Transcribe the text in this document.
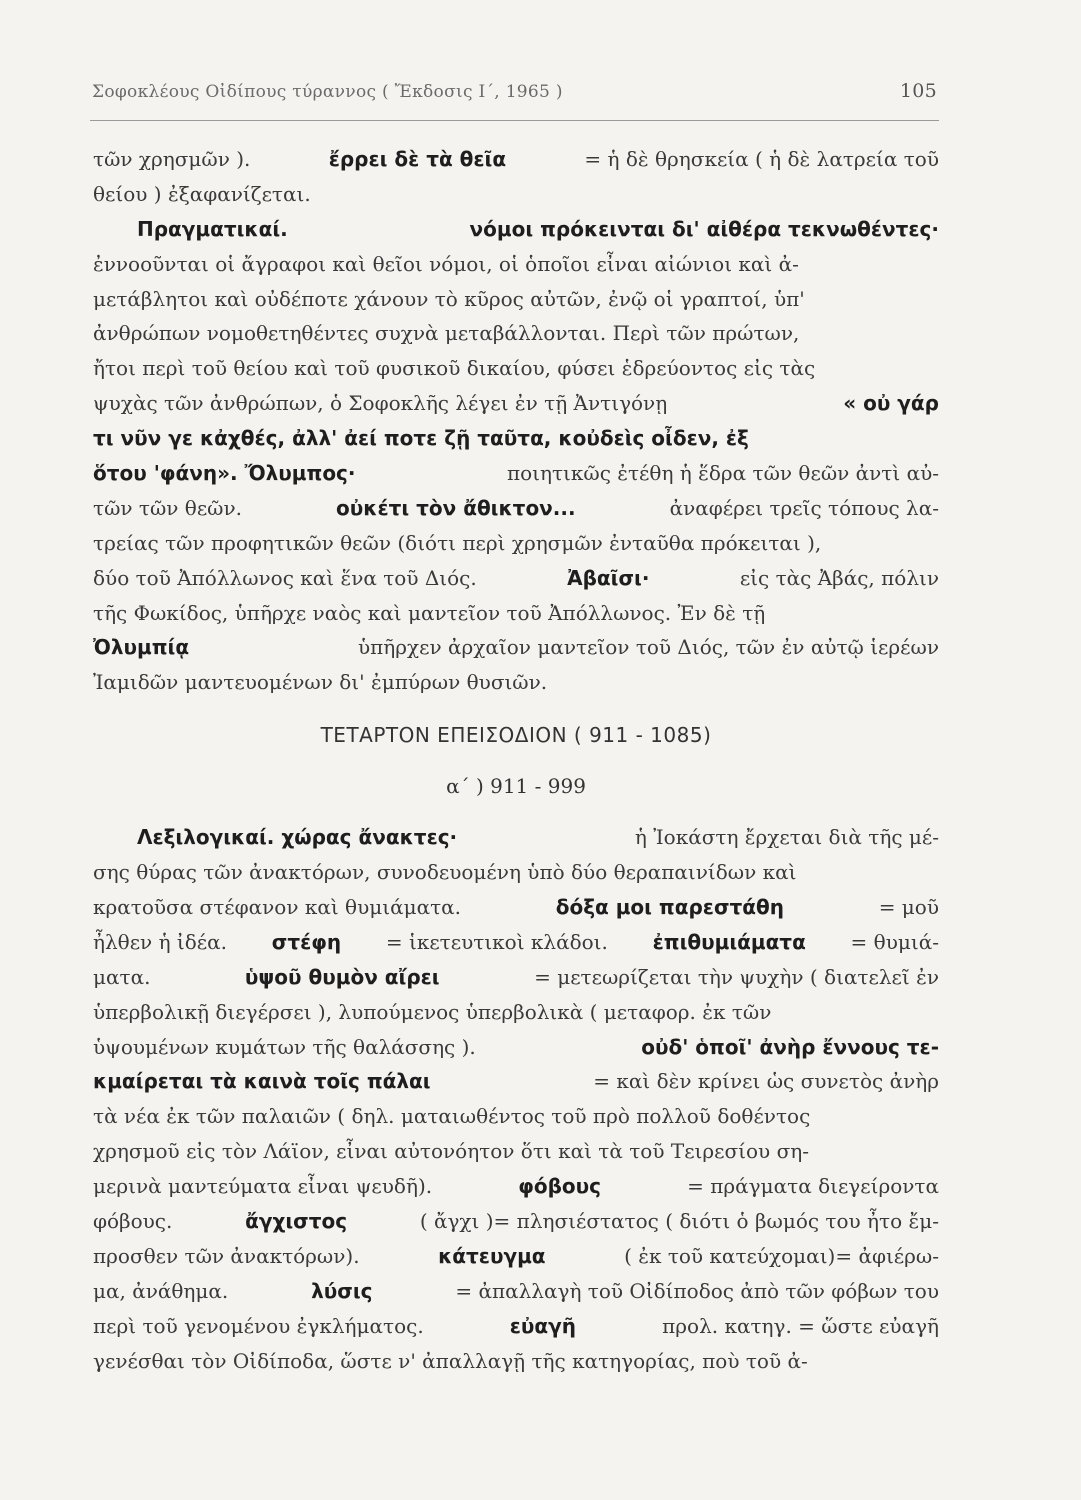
Σοφοκλέους Οἰδίπους τύραννος ( Ἔκδοσις Ι΄, 1965 )	105
τῶν χρησμῶν ).	ἔρρει δὲ τὰ θεῖα	= ἡ δὲ θρησκεία ( ἡ δὲ λατρεία τοῦ
θείου ) ἐξαφανίζεται.
Πραγματικαί.	νόμοι πρόκεινται δι' αἰθέρα τεκνωθέντες·
ἐννοοῦνται οἱ ἄγραφοι καὶ θεῖοι νόμοι, οἱ ὁποῖοι εἶναι αἰώνιοι καὶ ἀ-
μετάβλητοι καὶ οὐδέποτε χάνουν τὸ κῦρος αὐτῶν, ἐνῷ οἱ γραπτοί, ὑπ'
ἀνθρώπων νομοθετηθέντες συχνὰ μεταβάλλονται. Περὶ τῶν πρώτων,
ἤτοι περὶ τοῦ θείου καὶ τοῦ φυσικοῦ δικαίου, φύσει ἑδρεύοντος εἰς τὰς
ψυχὰς τῶν ἀνθρώπων, ὁ Σοφοκλῆς λέγει ἐν τῇ Ἀντιγόνῃ	« οὐ γάρ
τι νῦν γε κἀχθές, ἀλλ' ἀεί ποτε ζῇ ταῦτα, κοὐδεὶς οἶδεν, ἐξ
ὅτου 'φάνη». Ὄλυμπος·	ποιητικῶς ἐτέθη ἡ ἕδρα τῶν θεῶν ἀντὶ αὐ-
τῶν τῶν θεῶν.	οὐκέτι τὸν ἄθικτον...	ἀναφέρει τρεῖς τόπους λα-
τρείας τῶν προφητικῶν θεῶν (διότι περὶ χρησμῶν ἐνταῦθα πρόκειται ),
δύο τοῦ Ἀπόλλωνος καὶ ἕνα τοῦ Διός.	Ἀβαῖσι·	εἰς τὰς Ἀβάς, πόλιν
τῆς Φωκίδος, ὑπῆρχε ναὸς καὶ μαντεῖον τοῦ Ἀπόλλωνος. Ἐν δὲ τῇ
Ὀλυμπίᾳ	ὑπῆρχεν ἀρχαῖον μαντεῖον τοῦ Διός, τῶν ἐν αὐτῷ ἱερέων
Ἰαμιδῶν μαντευομένων δι' ἐμπύρων θυσιῶν.
ΤΕΤΑΡΤΟΝ ΕΠΕΙΣΟΔΙΟΝ ( 911 - 1085)
α΄ ) 911 - 999
Λεξιλογικαί. χώρας ἄνακτες·	ἡ Ἰοκάστη ἔρχεται διὰ τῆς μέ-
σης θύρας τῶν ἀνακτόρων, συνοδευομένη ὑπὸ δύο θεραπαινίδων καὶ
κρατοῦσα στέφανον καὶ θυμιάματα.	δόξα μοι παρεστάθη	= μοῦ
ἦλθεν ἡ ἰδέα. στέφη = ἱκετευτικοὶ κλάδοι. ἐπιθυμιάματα = θυμιά-
ματα.	ὑψοῦ θυμὸν αἴρει	= μετεωρίζεται τὴν ψυχὴν ( διατελεῖ ἐν
ὑπερβολικῇ διεγέρσει ), λυπούμενος ὑπερβολικὰ ( μεταφορ. ἐκ τῶν
ὑψουμένων κυμάτων τῆς θαλάσσης ).	οὐδ' ὁποῖ' ἀνὴρ ἔννους τε-
κμαίρεται τὰ καινὰ τοῖς πάλαι	= καὶ δὲν κρίνει ὡς συνετὸς ἀνὴρ
τὰ νέα ἐκ τῶν παλαιῶν ( δηλ. ματαιωθέντος τοῦ πρὸ πολλοῦ δοθέντος
χρησμοῦ εἰς τὸν Λάϊον, εἶναι αὐτονόητον ὅτι καὶ τὰ τοῦ Τειρεσίου ση-
μερινὰ μαντεύματα εἶναι ψευδῆ).	φόβους	= πράγματα διεγείροντα
φόβους.	ἄγχιστος	( ἄγχι )= πλησιέστατος ( διότι ὁ βωμός του ἦτο ἔμ-
προσθεν τῶν ἀνακτόρων).	κάτευγμα	( ἐκ τοῦ κατεύχομαι)= ἀφιέρω-
μα, ἀνάθημα.	λύσις	= ἀπαλλαγὴ τοῦ Οἰδίποδος ἀπὸ τῶν φόβων του
περὶ τοῦ γενομένου ἐγκλήματος.	εὐαγῆ	προλ. κατηγ. = ὥστε εὐαγῆ
γενέσθαι τὸν Οἰδίποδα, ὥστε ν' ἀπαλλαγῇ τῆς κατηγορίας, ποὺ τοῦ ἀ-
